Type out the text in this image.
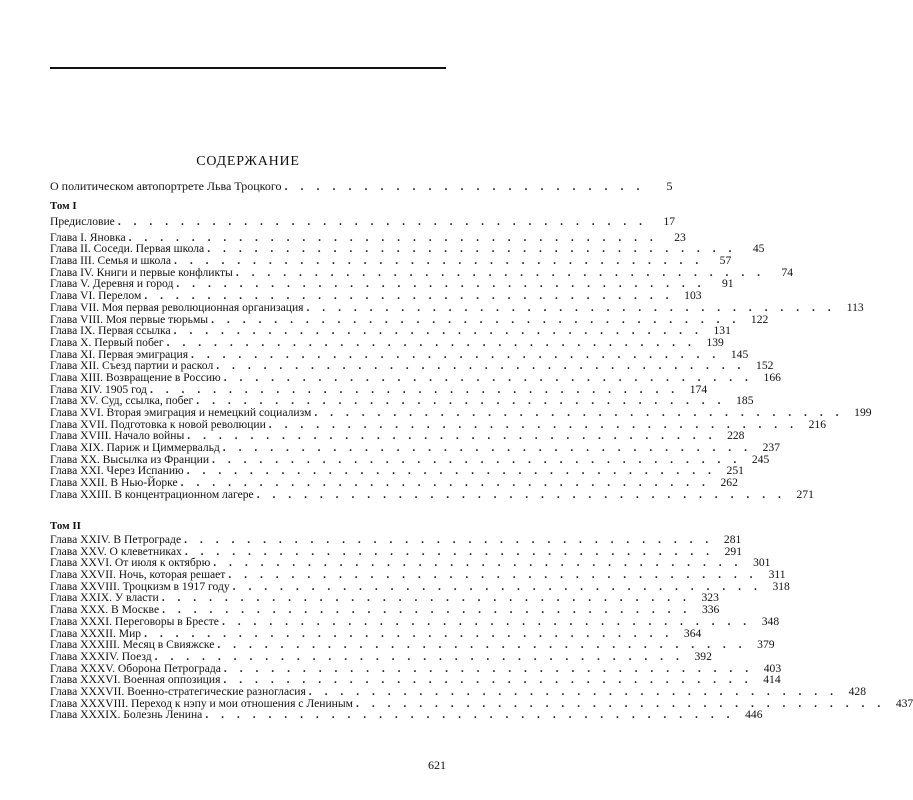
СОДЕРЖАНИЕ
О политическом автопортрете Льва Троцкого . . . . . . . . . . . . . . . . . . . . . . .	5
Том I
Предисловие . . . . . . . . . . . . . . . . . . . . . . . . . . . . . . . . . .	17
Глава I. Яновка . . . . . . . . . . . . . . . . . . . . . . . . . . . . . . . . . .	23
Глава II. Соседи. Первая школа . . . . . . . . . . . . . . . . . . . . . . . . . . . . . . . . . .	45
Глава III. Семья и школа . . . . . . . . . . . . . . . . . . . . . . . . . . . . . . . . . .	57
Глава IV. Книги и первые конфликты . . . . . . . . . . . . . . . . . . . . . . . . . . . . . . . . . .	74
Глава V. Деревня и город . . . . . . . . . . . . . . . . . . . . . . . . . . . . . . . . . .	91
Глава VI. Перелом . . . . . . . . . . . . . . . . . . . . . . . . . . . . . . . . . . 103
Глава VII. Моя первая революционная организация . . . . . . . . . . . . . . . . . . . . . . . . . . . . . . . . . . 113
Глава VIII. Моя первые тюрьмы . . . . . . . . . . . . . . . . . . . . . . . . . . . . . . . . . . 122
Глава IX. Первая ссылка . . . . . . . . . . . . . . . . . . . . . . . . . . . . . . . . . . 131
Глава X. Первый побег . . . . . . . . . . . . . . . . . . . . . . . . . . . . . . . . . . 139
Глава XI. Первая эмиграция . . . . . . . . . . . . . . . . . . . . . . . . . . . . . . . . . . 145
Глава XII. Съезд партии и раскол . . . . . . . . . . . . . . . . . . . . . . . . . . . . . . . . . . 152
Глава XIII. Возвращение в Россию . . . . . . . . . . . . . . . . . . . . . . . . . . . . . . . . . . 166
Глава XIV. 1905 год . . . . . . . . . . . . . . . . . . . . . . . . . . . . . . . . . . 174
Глава XV. Суд, ссылка, побег . . . . . . . . . . . . . . . . . . . . . . . . . . . . . . . . . . 185
Глава XVI. Вторая эмиграция и немецкий социализм . . . . . . . . . . . . . . . . . . . . . . . . . . . . . . . . . . 199
Глава XVII. Подготовка к новой революции . . . . . . . . . . . . . . . . . . . . . . . . . . . . . . . . . . 216
Глава XVIII. Начало войны . . . . . . . . . . . . . . . . . . . . . . . . . . . . . . . . . . 228
Глава XIX. Париж и Циммервальд . . . . . . . . . . . . . . . . . . . . . . . . . . . . . . . . . . 237
Глава XX. Высылка из Франции . . . . . . . . . . . . . . . . . . . . . . . . . . . . . . . . . . 245
Глава XXI. Через Испанию . . . . . . . . . . . . . . . . . . . . . . . . . . . . . . . . . . 251
Глава XXII. В Нью-Йорке . . . . . . . . . . . . . . . . . . . . . . . . . . . . . . . . . . 262
Глава XXIII. В концентрационном лагере . . . . . . . . . . . . . . . . . . . . . . . . . . . . . . . . . . 271
Том II
Глава XXIV. В Петрограде . . . . . . . . . . . . . . . . . . . . . . . . . . . . . . . . . . 281
Глава XXV. О клеветниках . . . . . . . . . . . . . . . . . . . . . . . . . . . . . . . . . . 291
Глава XXVI. От июля к октябрю . . . . . . . . . . . . . . . . . . . . . . . . . . . . . . . . . . 301
Глава XXVII. Ночь, которая решает . . . . . . . . . . . . . . . . . . . . . . . . . . . . . . . . . . 311
Глава XXVIII. Троцкизм в 1917 году . . . . . . . . . . . . . . . . . . . . . . . . . . . . . . . . . . 318
Глава XXIX. У власти . . . . . . . . . . . . . . . . . . . . . . . . . . . . . . . . . . 323
Глава XXX. В Москве . . . . . . . . . . . . . . . . . . . . . . . . . . . . . . . . . . 336
Глава XXXI. Переговоры в Бресте . . . . . . . . . . . . . . . . . . . . . . . . . . . . . . . . . . 348
Глава XXXII. Мир . . . . . . . . . . . . . . . . . . . . . . . . . . . . . . . . . . 364
Глава XXXIII. Месяц в Свияжске . . . . . . . . . . . . . . . . . . . . . . . . . . . . . . . . . . 379
Глава XXXIV. Поезд . . . . . . . . . . . . . . . . . . . . . . . . . . . . . . . . . . 392
Глава XXXV. Оборона Петрограда . . . . . . . . . . . . . . . . . . . . . . . . . . . . . . . . . . 403
Глава XXXVI. Военная оппозиция . . . . . . . . . . . . . . . . . . . . . . . . . . . . . . . . . . 414
Глава XXXVII. Военно-стратегические разногласия . . . . . . . . . . . . . . . . . . . . . . . . . . . . . . . . . . 428
Глава XXXVIII. Переход к нэпу и мои отношения с Лениным . . . . . . . . . . . . . . . . . . . . . . . . . . . . . . . . . . 437
Глава XXXIX. Болезнь Ленина . . . . . . . . . . . . . . . . . . . . . . . . . . . . . . . . . . 446
621
